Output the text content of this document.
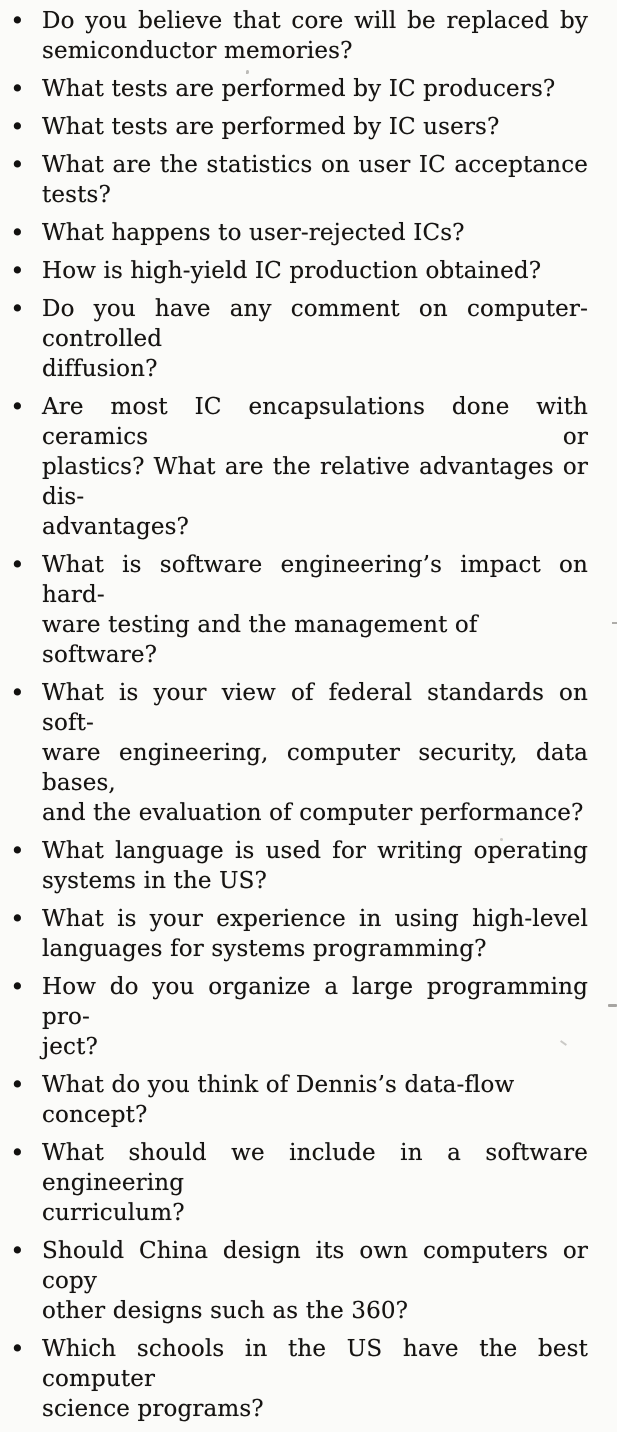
• Do you believe that core will be replaced by
semiconductor memories?
• What tests are performed by IC producers?
• What tests are performed by IC users?
• What are the statistics on user IC acceptance
tests?
• What happens to user-rejected ICs?
• How is high-yield IC production obtained?
• Do you have any comment on computer-controlled
diffusion?
• Are most IC encapsulations done with ceramics or
plastics? What are the relative advantages or dis-
advantages?
• What is software engineering’s impact on hard-
ware testing and the management of software?
• What is your view of federal standards on soft-
ware engineering, computer security, data bases,
and the evaluation of computer performance?
• What language is used for writing operating
systems in the US?
• What is your experience in using high-level
languages for systems programming?
• How do you organize a large programming pro-
ject?
• What do you think of Dennis’s data-flow concept?
• What should we include in a software engineering
curriculum?
• Should China design its own computers or copy
other designs such as the 360?
• Which schools in the US have the best computer
science programs?
